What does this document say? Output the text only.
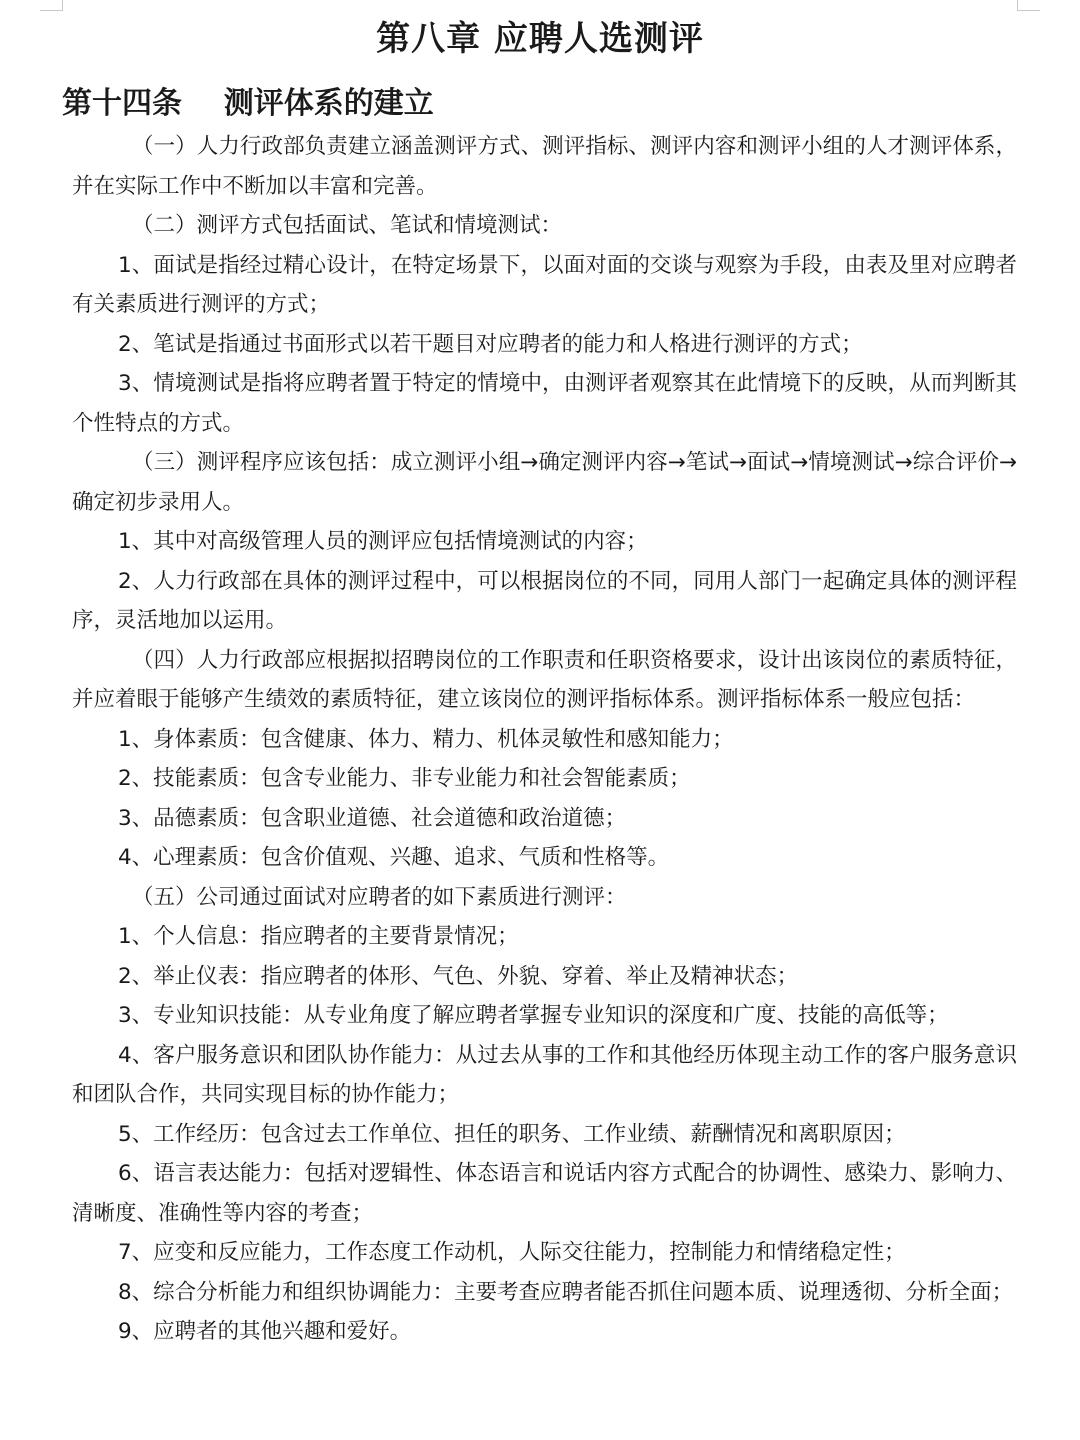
第八章 应聘人选测评
第十四条    测评体系的建立

（一）人力行政部负责建立涵盖测评方式、测评指标、测评内容和测评小组的人才测评体系，并在实际工作中不断加以丰富和完善。

（二）测评方式包括面试、笔试和情境测试：

1、面试是指经过精心设计，在特定场景下，以面对面的交谈与观察为手段，由表及里对应聘者有关素质进行测评的方式；

2、笔试是指通过书面形式以若干题目对应聘者的能力和人格进行测评的方式；

3、情境测试是指将应聘者置于特定的情境中，由测评者观察其在此情境下的反映，从而判断其个性特点的方式。

（三）测评程序应该包括：成立测评小组→确定测评内容→笔试→面试→情境测试→综合评价→确定初步录用人。

1、其中对高级管理人员的测评应包括情境测试的内容；

2、人力行政部在具体的测评过程中，可以根据岗位的不同，同用人部门一起确定具体的测评程序，灵活地加以运用。

（四）人力行政部应根据拟招聘岗位的工作职责和任职资格要求，设计出该岗位的素质特征，并应着眼于能够产生绩效的素质特征，建立该岗位的测评指标体系。测评指标体系一般应包括：

1、身体素质：包含健康、体力、精力、机体灵敏性和感知能力；

2、技能素质：包含专业能力、非专业能力和社会智能素质；

3、品德素质：包含职业道德、社会道德和政治道德；

4、心理素质：包含价值观、兴趣、追求、气质和性格等。

（五）公司通过面试对应聘者的如下素质进行测评：

1、个人信息：指应聘者的主要背景情况；

2、举止仪表：指应聘者的体形、气色、外貌、穿着、举止及精神状态；

3、专业知识技能：从专业角度了解应聘者掌握专业知识的深度和广度、技能的高低等；

4、客户服务意识和团队协作能力：从过去从事的工作和其他经历体现主动工作的客户服务意识和团队合作，共同实现目标的协作能力；

5、工作经历：包含过去工作单位、担任的职务、工作业绩、薪酬情况和离职原因；

6、语言表达能力：包括对逻辑性、体态语言和说话内容方式配合的协调性、感染力、影响力、清晰度、准确性等内容的考查；

7、应变和反应能力，工作态度工作动机，人际交往能力，控制能力和情绪稳定性；

8、综合分析能力和组织协调能力：主要考查应聘者能否抓住问题本质、说理透彻、分析全面；

9、应聘者的其他兴趣和爱好。
